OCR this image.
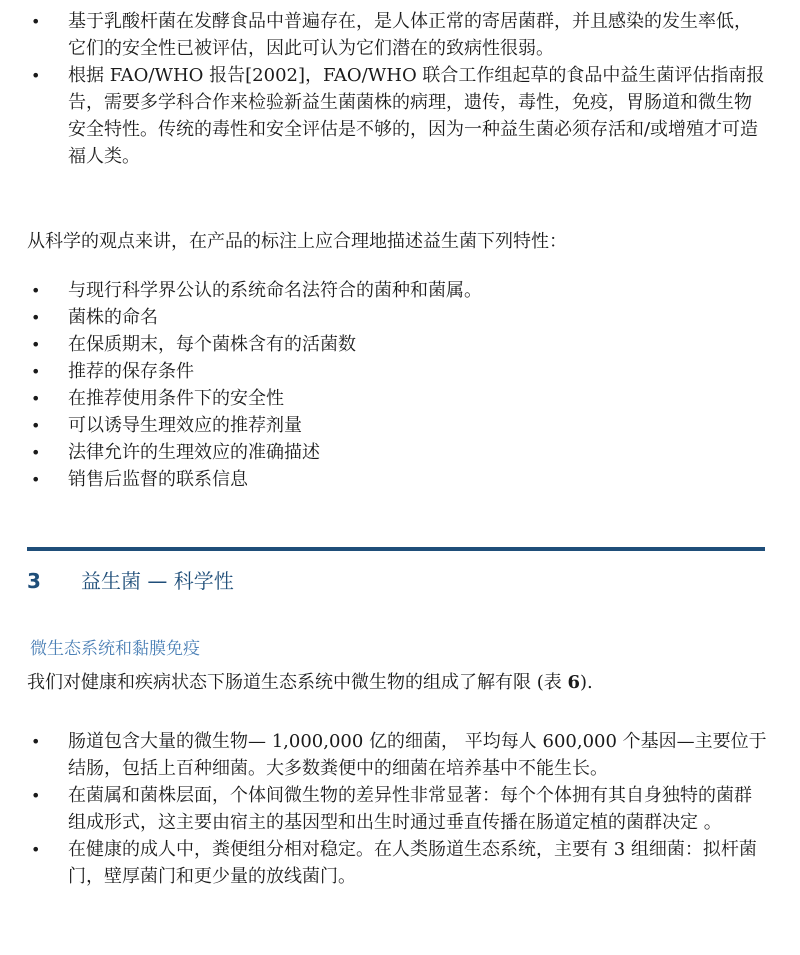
• 基于乳酸杆菌在发酵食品中普遍存在，是人体正常的寄居菌群，并且感染的发生率低，它们的安全性已被评估，因此可认为它们潜在的致病性很弱。
• 根据 FAO/WHO 报告[2002]，FAO/WHO 联合工作组起草的食品中益生菌评估指南报告，需要多学科合作来检验新益生菌菌株的病理，遗传，毒性，免疫，胃肠道和微生物安全特性。传统的毒性和安全评估是不够的，因为一种益生菌必须存活和/或增殖才可造福人类。

从科学的观点来讲，在产品的标注上应合理地描述益生菌下列特性：

• 与现行科学界公认的系统命名法符合的菌种和菌属。
• 菌株的命名
• 在保质期末，每个菌株含有的活菌数
• 推荐的保存条件
• 在推荐使用条件下的安全性
• 可以诱导生理效应的推荐剂量
• 法律允许的生理效应的准确描述
• 销售后监督的联系信息
3 益生菌 — 科学性
微生态系统和黏膜免疫

我们对健康和疾病状态下肠道生态系统中微生物的组成了解有限 (表 6).

• 肠道包含大量的微生物— 1,000,000 亿的细菌， 平均每人 600,000 个基因—主要位于结肠，包括上百种细菌。大多数粪便中的细菌在培养基中不能生长。
• 在菌属和菌株层面，个体间微生物的差异性非常显著：每个个体拥有其自身独特的菌群组成形式，这主要由宿主的基因型和出生时通过垂直传播在肠道定植的菌群决定 。
• 在健康的成人中，粪便组分相对稳定。在人类肠道生态系统，主要有 3 组细菌：拟杆菌门，壁厚菌门和更少量的放线菌门。
